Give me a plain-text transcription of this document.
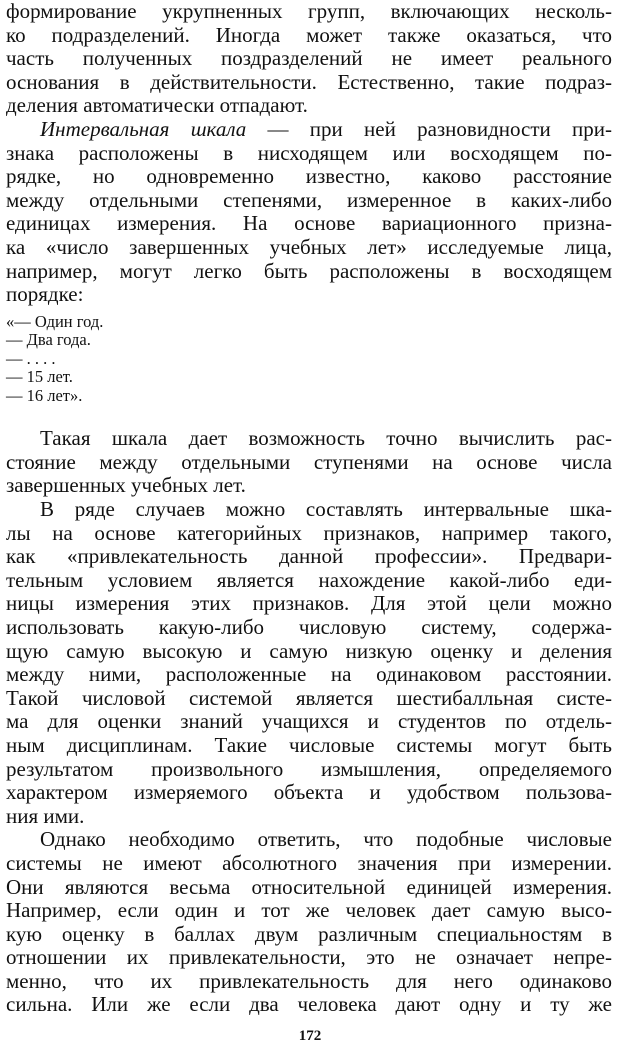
формирование укрупненных групп, включающих несколь-
ко подразделений. Иногда может также оказаться, что
часть полученных поздразделений не имеет реального
основания в действительности. Естественно, такие подраз-
деления автоматически отпадают.
Интервальная шкала — при ней разновидности при-
знака расположены в нисходящем или восходящем по-
рядке, но одновременно известно, каково расстояние
между отдельными степенями, измеренное в каких-либо
единицах измерения. На основе вариационного призна-
ка «число завершенных учебных лет» исследуемые лица,
например, могут легко быть расположены в восходящем
порядке:
«— Один год.
— Два года.
— . . . .
— 15 лет.
— 16 лет».
Такая шкала дает возможность точно вычислить рас-
стояние между отдельными ступенями на основе числа
завершенных учебных лет.
В ряде случаев можно составлять интервальные шка-
лы на основе категорийных признаков, например такого,
как «привлекательность данной профессии». Предвари-
тельным условием является нахождение какой-либо еди-
ницы измерения этих признаков. Для этой цели можно
использовать какую-либо числовую систему, содержа-
щую самую высокую и самую низкую оценку и деления
между ними, расположенные на одинаковом расстоянии.
Такой числовой системой является шестибалльная систе-
ма для оценки знаний учащихся и студентов по отдель-
ным дисциплинам. Такие числовые системы могут быть
результатом произвольного измышления, определяемого
характером измеряемого объекта и удобством пользова-
ния ими.
Однако необходимо ответить, что подобные числовые
системы не имеют абсолютного значения при измерении.
Они являются весьма относительной единицей измерения.
Например, если один и тот же человек дает самую высо-
кую оценку в баллах двум различным специальностям в
отношении их привлекательности, это не означает непре-
менно, что их привлекательность для него одинаково
сильна. Или же если два человека дают одну и ту же
172
